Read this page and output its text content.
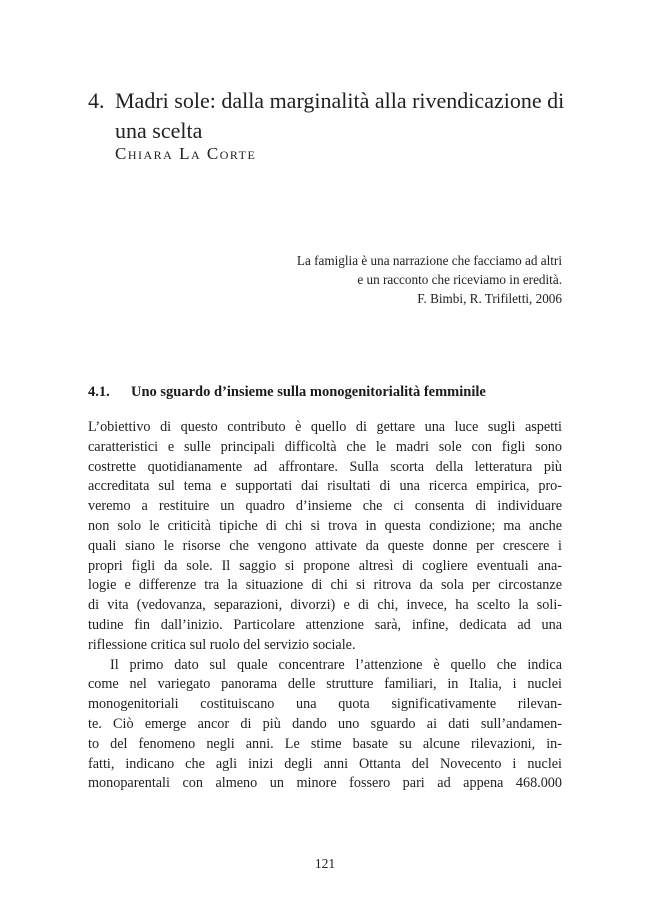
4. Madri sole: dalla marginalità alla rivendicazione di una scelta
Chiara La Corte
La famiglia è una narrazione che facciamo ad altri
e un racconto che riceviamo in eredità.
F. Bimbi, R. Trifiletti, 2006
4.1. Uno sguardo d’insieme sulla monogenitorialità femminile
L’obiettivo di questo contributo è quello di gettare una luce sugli aspetti
caratteristici e sulle principali difficoltà che le madri sole con figli sono
costrette quotidianamente ad affrontare. Sulla scorta della letteratura più
accreditata sul tema e supportati dai risultati di una ricerca empirica, pro-
veremo a restituire un quadro d’insieme che ci consenta di individuare
non solo le criticità tipiche di chi si trova in questa condizione; ma anche
quali siano le risorse che vengono attivate da queste donne per crescere i
propri figli da sole. Il saggio si propone altresì di cogliere eventuali ana-
logie e differenze tra la situazione di chi si ritrova da sola per circostanze
di vita (vedovanza, separazioni, divorzi) e di chi, invece, ha scelto la soli-
tudine fin dall’inizio. Particolare attenzione sarà, infine, dedicata ad una
riflessione critica sul ruolo del servizio sociale.
Il primo dato sul quale concentrare l’attenzione è quello che indica
come nel variegato panorama delle strutture familiari, in Italia, i nuclei
monogenitoriali costituiscano una quota significativamente rilevan-
te. Ciò emerge ancor di più dando uno sguardo ai dati sull’andamen-
to del fenomeno negli anni. Le stime basate su alcune rilevazioni, in-
fatti, indicano che agli inizi degli anni Ottanta del Novecento i nuclei
monoparentali con almeno un minore fossero pari ad appena 468.000
121
